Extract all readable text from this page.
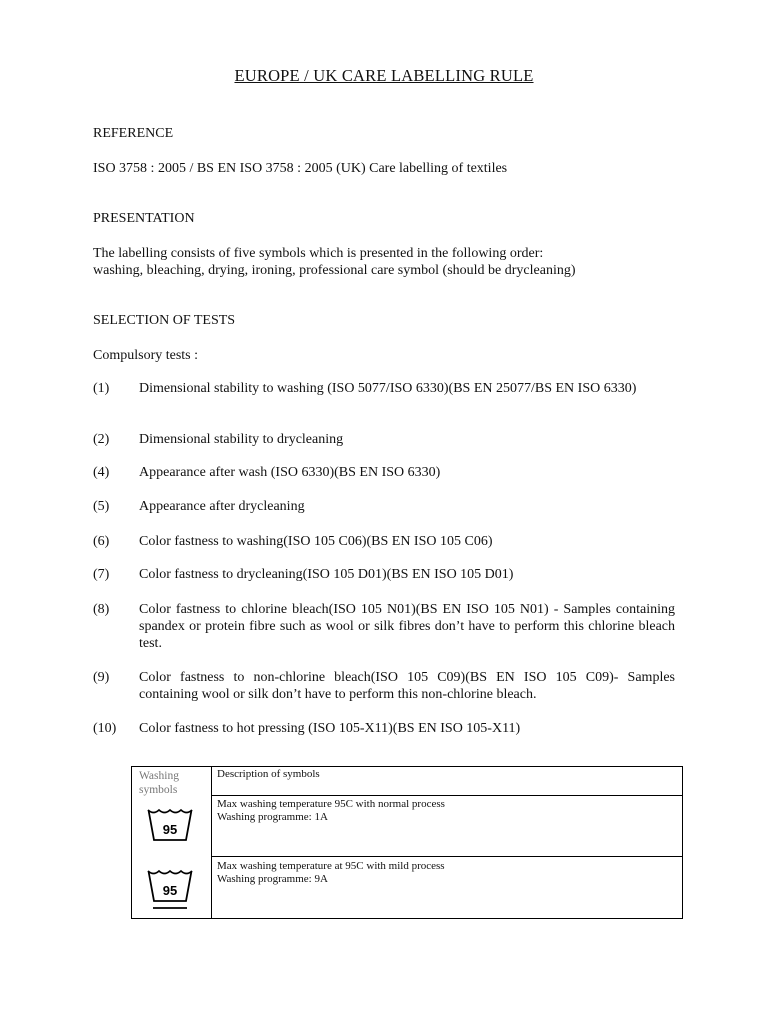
EUROPE / UK CARE LABELLING RULE
REFERENCE
ISO 3758 : 2005 / BS EN ISO 3758 : 2005 (UK) Care labelling of textiles
PRESENTATION
The labelling consists of five symbols which is presented in the following order:
washing, bleaching, drying, ironing, professional care symbol (should be drycleaning)
SELECTION OF TESTS
Compulsory tests :
(1) Dimensional stability to washing (ISO 5077/ISO 6330)(BS EN 25077/BS EN ISO 6330)
(2) Dimensional stability to drycleaning
(4) Appearance after wash (ISO 6330)(BS EN ISO 6330)
(5) Appearance after drycleaning
(6) Color fastness to washing(ISO 105 C06)(BS EN ISO 105 C06)
(7) Color fastness to drycleaning(ISO 105 D01)(BS EN ISO 105 D01)
(8) Color fastness to chlorine bleach(ISO 105 N01)(BS EN ISO 105 N01) - Samples containing spandex or protein fibre such as wool or silk fibres don’t have to perform this chlorine bleach test.
(9) Color fastness to non-chlorine bleach(ISO 105 C09)(BS EN ISO 105 C09)- Samples containing wool or silk don’t have to perform this non-chlorine bleach.
(10) Color fastness to hot pressing (ISO 105-X11)(BS EN ISO 105-X11)
Washing symbols
Description of symbols
95
Max washing temperature 95C with normal process
Washing programme: 1A
95
Max washing temperature at 95C with mild process
Washing programme: 9A
